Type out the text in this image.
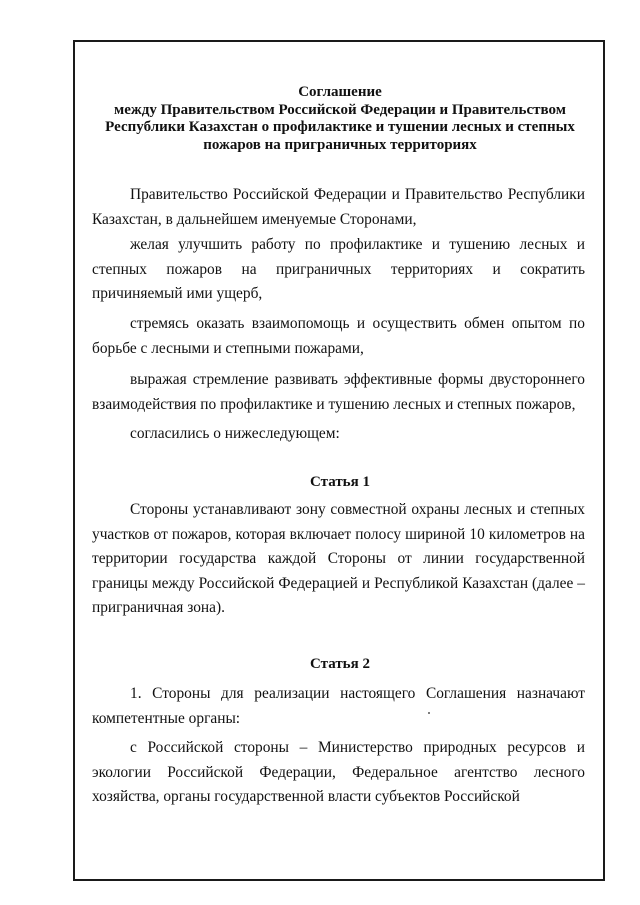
Соглашение
между Правительством Российской Федерации и Правительством
Республики Казахстан о профилактике и тушении лесных и степных
пожаров на приграничных территориях

Правительство Российской Федерации и Правительство Республики Казахстан, в дальнейшем именуемые Сторонами,

желая улучшить работу по профилактике и тушению лесных и степных пожаров на приграничных территориях и сократить причиняемый ими ущерб,

стремясь оказать взаимопомощь и осуществить обмен опытом по борьбе с лесными и степными пожарами,

выражая стремление развивать эффективные формы двустороннего взаимодействия по профилактике и тушению лесных и степных пожаров,

согласились о нижеследующем:

Статья 1

Стороны устанавливают зону совместной охраны лесных и степных участков от пожаров, которая включает полосу шириной 10 километров на территории государства каждой Стороны от линии государственной границы между Российской Федерацией и Республикой Казахстан (далее – приграничная зона).

Статья 2

1. Стороны для реализации настоящего Соглашения назначают компетентные органы:

с Российской стороны – Министерство природных ресурсов и экологии Российской Федерации, Федеральное агентство лесного хозяйства, органы государственной власти субъектов Российской
